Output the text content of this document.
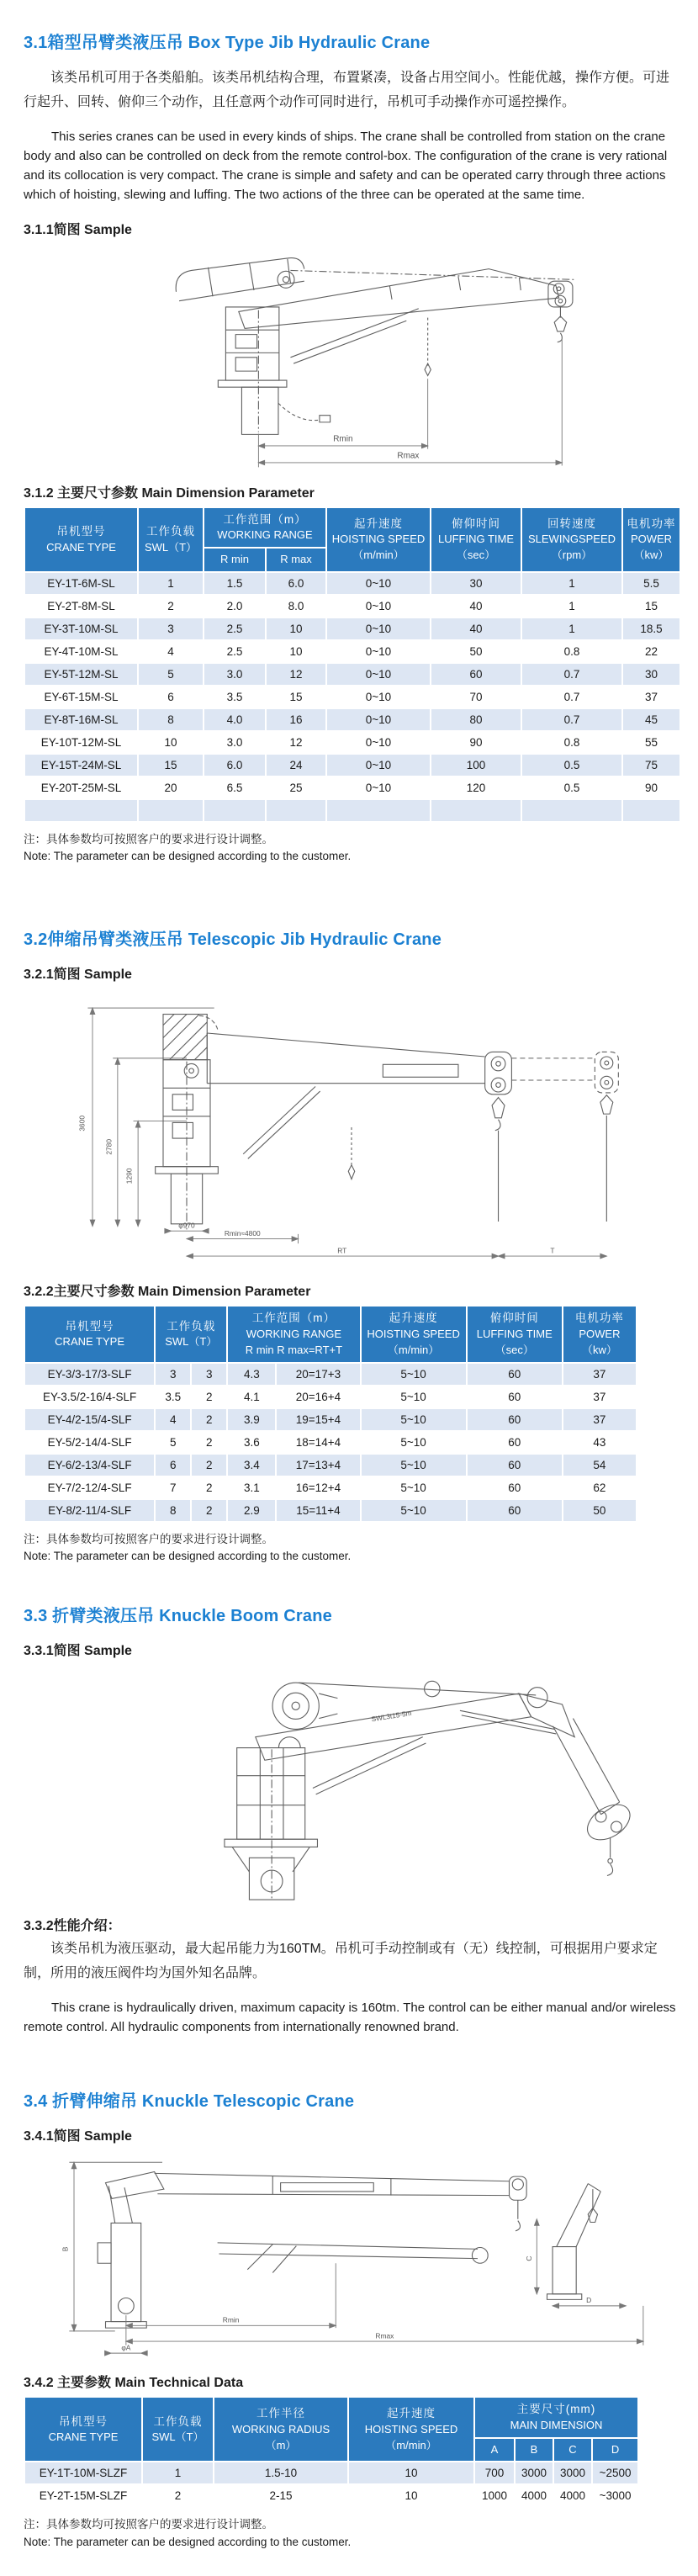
3.1箱型吊臂类液压吊 Box Type Jib Hydraulic Crane

该类吊机可用于各类船舶。该类吊机结构合理，布置紧凑，设备占用空间小。性能优越，操作方便。可进行起升、回转、俯仰三个动作，且任意两个动作可同时进行，吊机可手动操作亦可遥控操作。

This series cranes can be used in every kinds of ships. The crane shall be controlled from station on the crane body and also can be controlled on deck from the remote control-box. The configuration of the crane is very rational and its collocation is very compact. The crane is simple and safety and can be operated carry through three actions which of hoisting, slewing and luffing. The two actions of the three can be operated at the same time.

3.1.1简图 Sample
Rmin
Rmax
3.1.2 主要尺寸参数 Main Dimension Parameter
吊机型号
CRANE TYPE

工作负载
SWL（T）

工作范围（m）
WORKING RANGE

起升速度
HOISTING SPEED
（m/min）

俯仰时间
LUFFING TIME
（sec）

回转速度
SLEWINGSPEED
（rpm）

电机功率
POWER
（kw）

		R min	R max				
EY-1T-6M-SL	1	1.5	6.0	0~10	30	1	5.5
EY-2T-8M-SL	2	2.0	8.0	0~10	40	1	15
EY-3T-10M-SL	3	2.5	10	0~10	40	1	18.5
EY-4T-10M-SL	4	2.5	10	0~10	50	0.8	22
EY-5T-12M-SL	5	3.0	12	0~10	60	0.7	30
EY-6T-15M-SL	6	3.5	15	0~10	70	0.7	37
EY-8T-16M-SL	8	4.0	16	0~10	80	0.7	45
EY-10T-12M-SL	10	3.0	12	0~10	90	0.8	55
EY-15T-24M-SL	15	6.0	24	0~10	100	0.5	75
EY-20T-25M-SL	20	6.5	25	0~10	120	0.5	90

注：具体参数均可按照客户的要求进行设计调整。
Note: The parameter can be designed according to the customer.
3.2伸缩吊臂类液压吊 Telescopic Jib Hydraulic Crane
3.2.1简图 Sample
3600
2780
1290
φ970
Rmin≈4800
RT	T
3.2.2主要尺寸参数 Main Dimension Parameter
吊机型号
CRANE TYPE

工作负载
SWL（T）

工作范围（m）
WORKING RANGE
R min R max=RT+T

起升速度
HOISTING SPEED
（m/min）

俯仰时间
LUFFING TIME
（sec）

电机功率
POWER
（kw）

EY-3/3-17/3-SLF	3	3	4.3	20=17+3	5~10	60	37
EY-3.5/2-16/4-SLF	3.5	2	4.1	20=16+4	5~10	60	37
EY-4/2-15/4-SLF	4	2	3.9	19=15+4	5~10	60	37
EY-5/2-14/4-SLF	5	2	3.6	18=14+4	5~10	60	43
EY-6/2-13/4-SLF	6	2	3.4	17=13+4	5~10	60	54
EY-7/2-12/4-SLF	7	2	3.1	16=12+4	5~10	60	62
EY-8/2-11/4-SLF	8	2	2.9	15=11+4	5~10	60	50
注：具体参数均可按照客户的要求进行设计调整。
Note: The parameter can be designed according to the customer.
3.3 折臂类液压吊 Knuckle Boom Crane
3.3.1简图 Sample
SWL3t15-5m
3.3.2性能介绍：

该类吊机为液压驱动，最大起吊能力为160TM。吊机可手动控制或有（无）线控制，可根据用户要求定制，所用的液压阀件均为国外知名品牌。

This crane is hydraulically driven, maximum capacity is 160tm. The control can be either manual and/or wireless remote control. All hydraulic components from internationally renowned brand.

3.4 折臂伸缩吊 Knuckle Telescopic Crane
3.4.1简图 Sample
B
C
D
Rmin
Rmax
φA
3.4.2 主要参数 Main Technical Data
吊机型号
CRANE TYPE

工作负载
SWL（T）

工作半径
WORKING RADIUS
（m）

起升速度
HOISTING SPEED
（m/min）

主要尺寸(mm)
MAIN DIMENSION

				A	B	C	D
EY-1T-10M-SLZF	1	1.5-10	10	700	3000	3000	~2500
EY-2T-15M-SLZF	2	2-15	10	1000	4000	4000	~3000
注：具体参数均可按照客户的要求进行设计调整。
Note: The parameter can be designed according to the customer.
